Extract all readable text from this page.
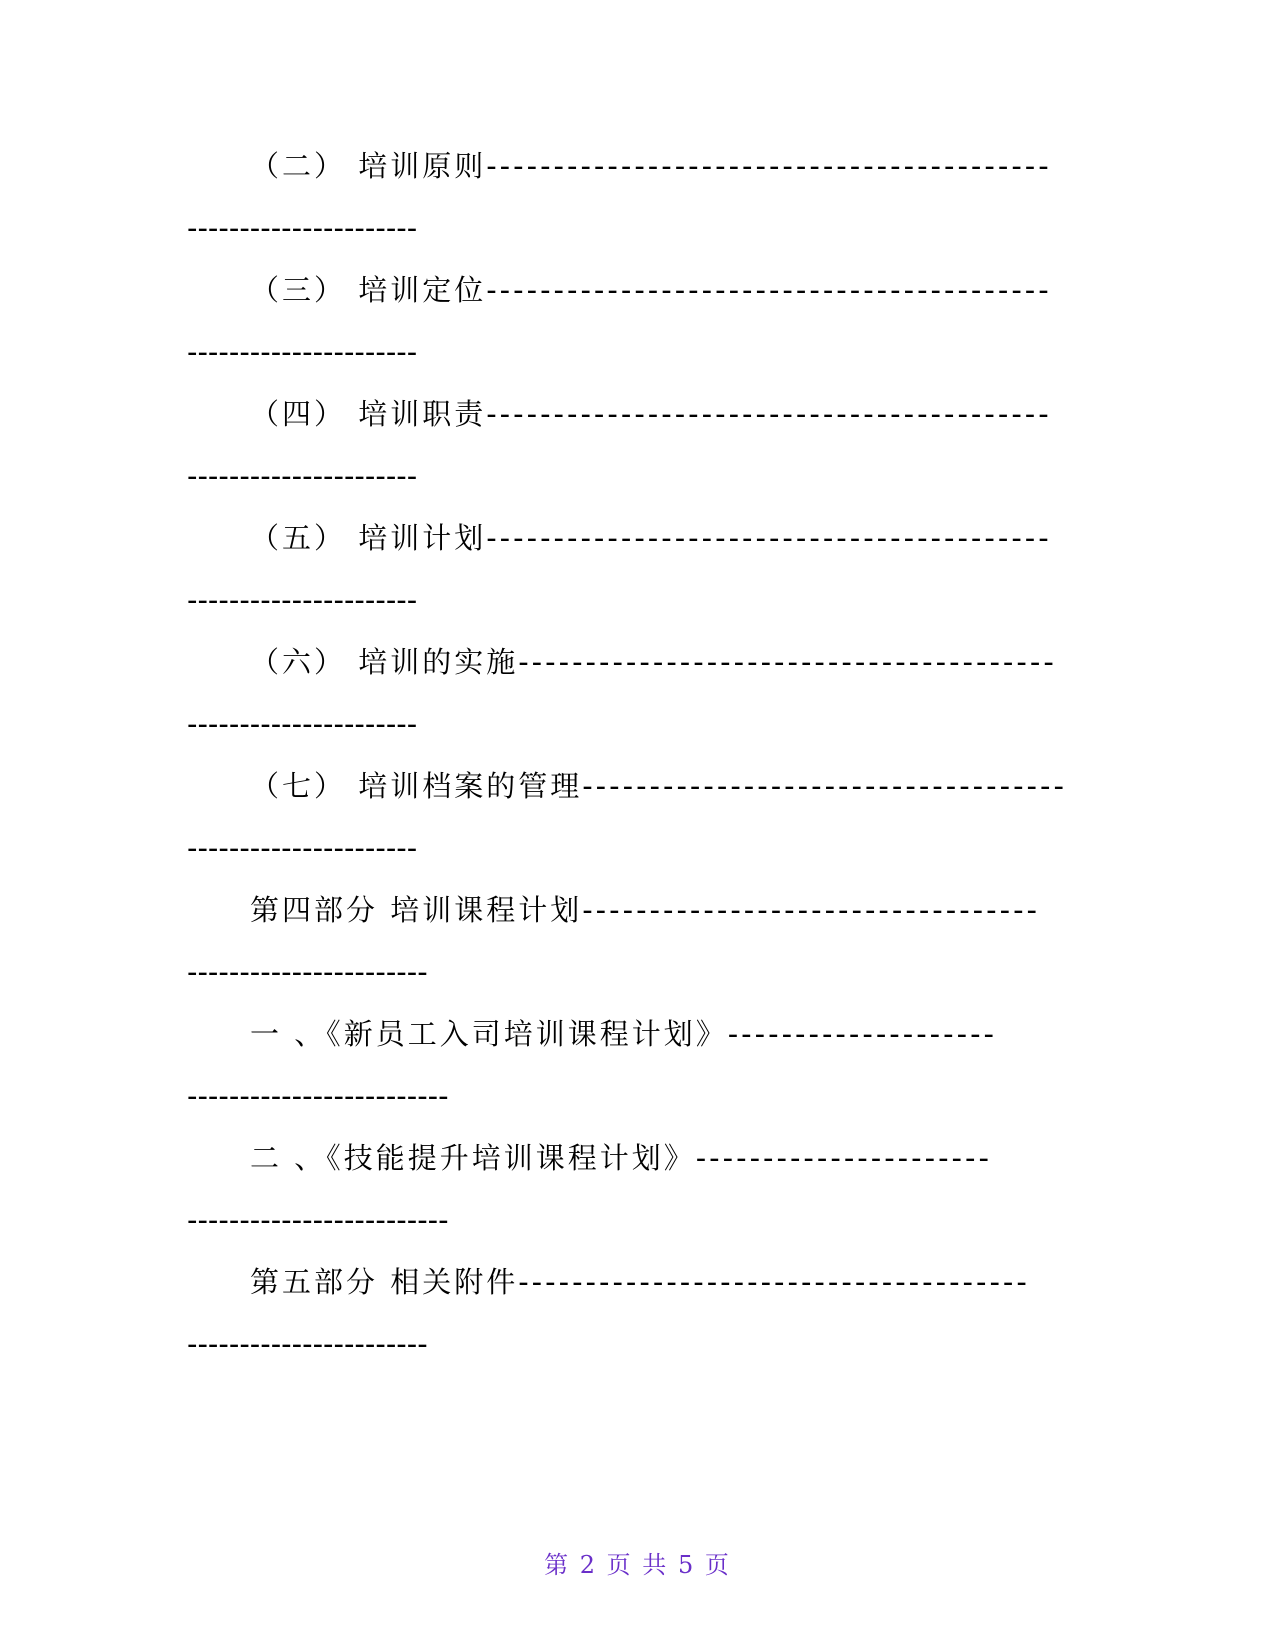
（二） 培训原则------------------------------------------
----------------------
（三） 培训定位------------------------------------------
----------------------
（四） 培训职责------------------------------------------
----------------------
（五） 培训计划------------------------------------------
----------------------
（六） 培训的实施----------------------------------------
----------------------
（七） 培训档案的管理------------------------------------
----------------------
第四部分 培训课程计划----------------------------------
-----------------------
一 、《新员工入司培训课程计划》--------------------
-------------------------
二 、《技能提升培训课程计划》----------------------
-------------------------
第五部分 相关附件--------------------------------------
-----------------------
第 2 页 共 5 页
